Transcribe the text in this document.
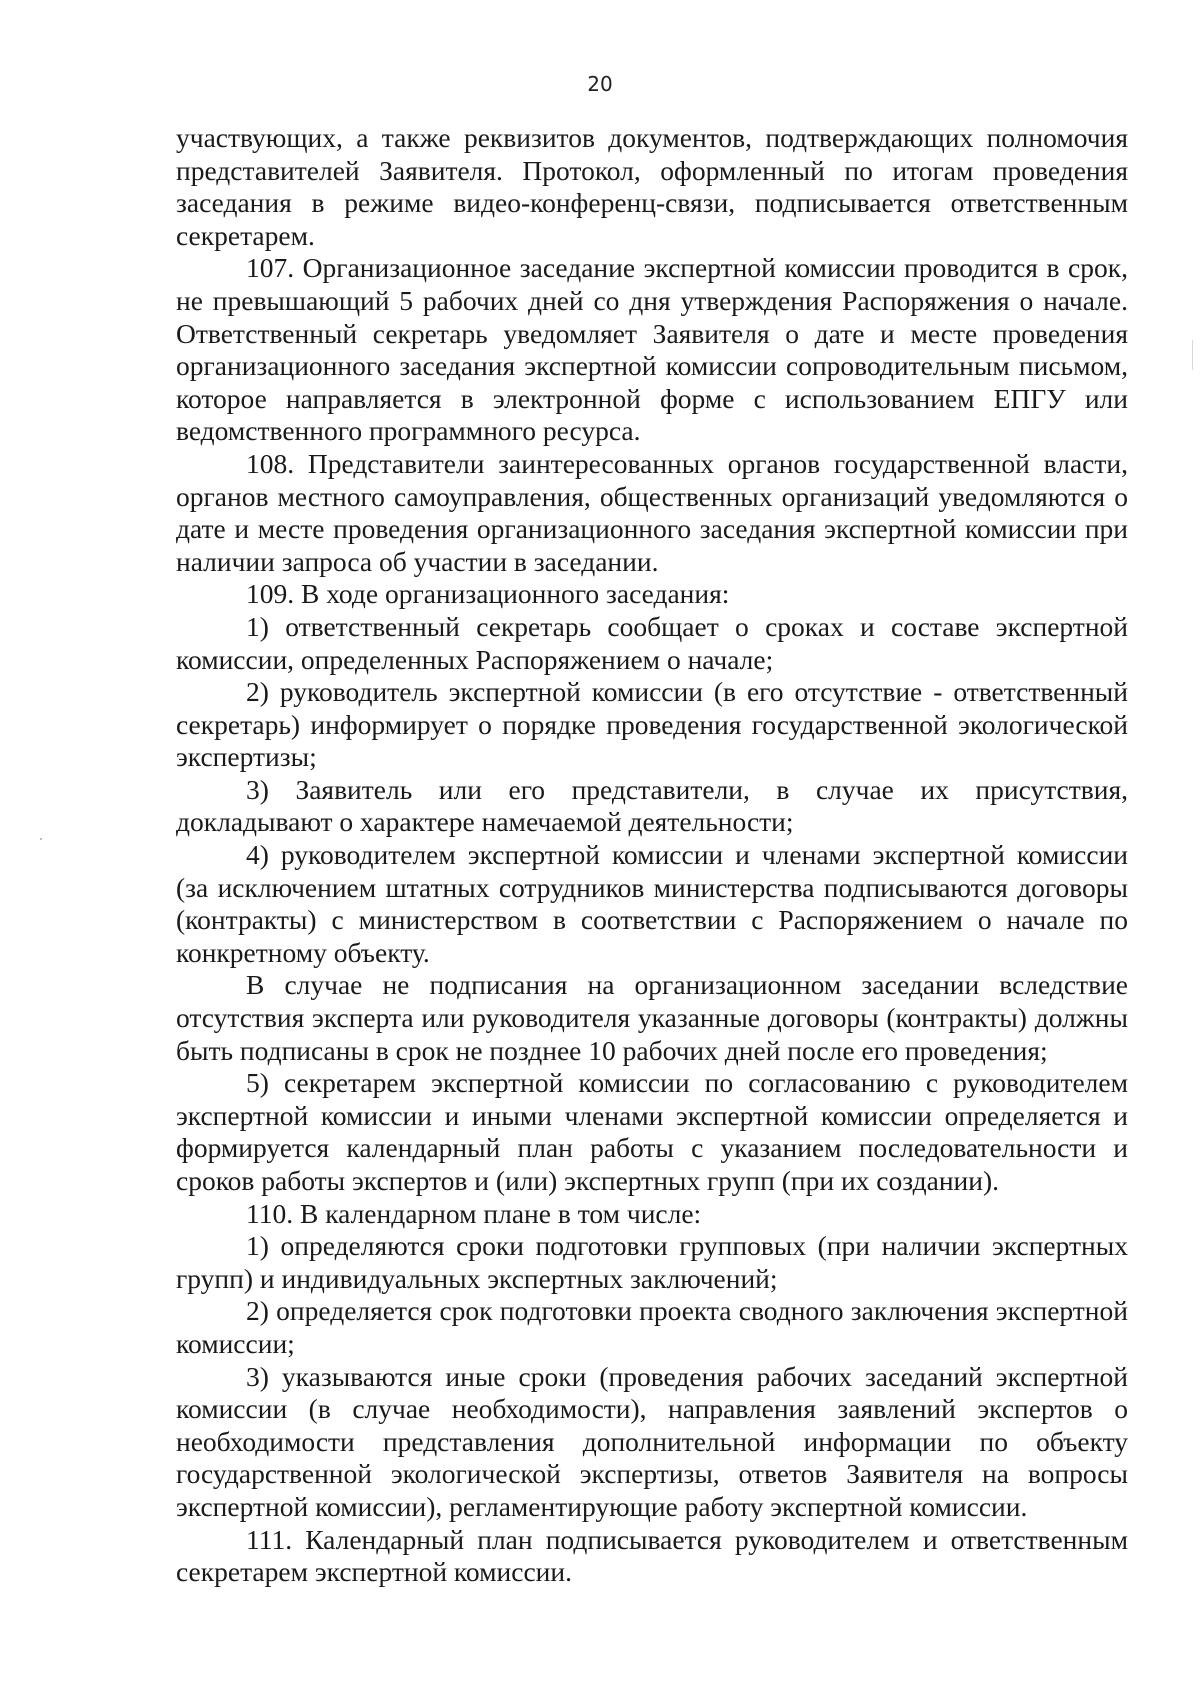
20

участвующих, а также реквизитов документов, подтверждающих полномочия представителей Заявителя. Протокол, оформленный по итогам проведения заседания в режиме видео-конференц-связи, подписывается ответственным секретарем.

107. Организационное заседание экспертной комиссии проводится в срок, не превышающий 5 рабочих дней со дня утверждения Распоряжения о начале. Ответственный секретарь уведомляет Заявителя о дате и месте проведения организационного заседания экспертной комиссии сопроводительным письмом, которое направляется в электронной форме с использованием ЕПГУ или ведомственного программного ресурса.

108. Представители заинтересованных органов государственной власти, органов местного самоуправления, общественных организаций уведомляются о дате и месте проведения организационного заседания экспертной комиссии при наличии запроса об участии в заседании.

109. В ходе организационного заседания:

1) ответственный секретарь сообщает о сроках и составе экспертной комиссии, определенных Распоряжением о начале;

2) руководитель экспертной комиссии (в его отсутствие - ответственный секретарь) информирует о порядке проведения государственной экологической экспертизы;

3) Заявитель или его представители, в случае их присутствия, докладывают о характере намечаемой деятельности;

4) руководителем экспертной комиссии и членами экспертной комиссии (за исключением штатных сотрудников министерства подписываются договоры (контракты) с министерством в соответствии с Распоряжением о начале по конкретному объекту.

В случае не подписания на организационном заседании вследствие отсутствия эксперта или руководителя указанные договоры (контракты) должны быть подписаны в срок не позднее 10 рабочих дней после его проведения;

5) секретарем экспертной комиссии по согласованию с руководителем экспертной комиссии и иными членами экспертной комиссии определяется и формируется календарный план работы с указанием последовательности и сроков работы экспертов и (или) экспертных групп (при их создании).

110. В календарном плане в том числе:

1) определяются сроки подготовки групповых (при наличии экспертных групп) и индивидуальных экспертных заключений;

2) определяется срок подготовки проекта сводного заключения экспертной комиссии;

3) указываются иные сроки (проведения рабочих заседаний экспертной комиссии (в случае необходимости), направления заявлений экспертов о необходимости представления дополнительной информации по объекту государственной экологической экспертизы, ответов Заявителя на вопросы экспертной комиссии), регламентирующие работу экспертной комиссии.

111. Календарный план подписывается руководителем и ответственным секретарем экспертной комиссии.
